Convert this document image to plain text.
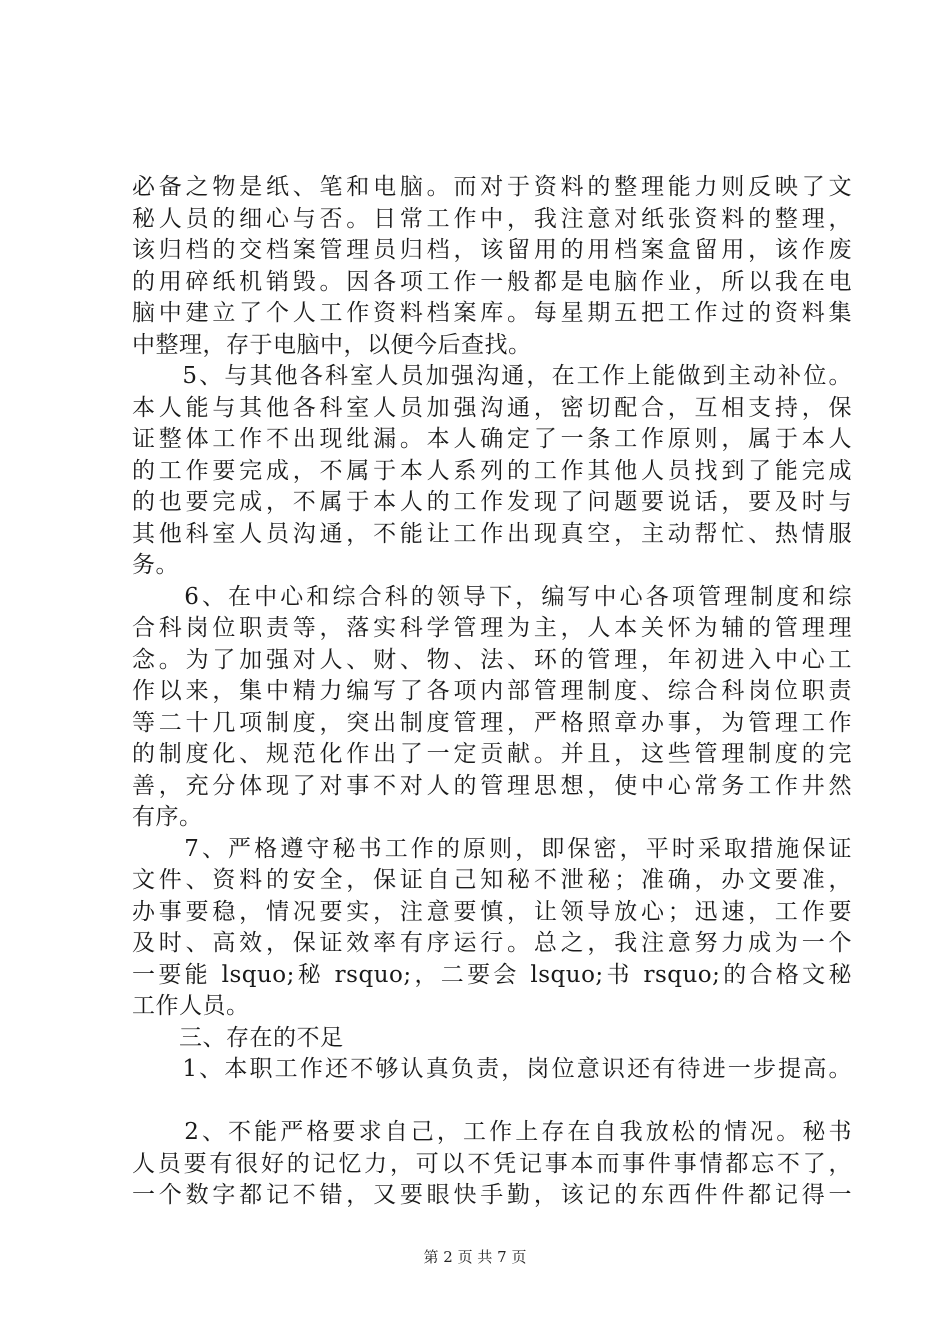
必备之物是纸、笔和电脑。而对于资料的整理能力则反映了文
秘人员的细心与否。日常工作中，我注意对纸张资料的整理，
该归档的交档案管理员归档，该留用的用档案盒留用，该作废
的用碎纸机销毁。因各项工作一般都是电脑作业，所以我在电
脑中建立了个人工作资料档案库。每星期五把工作过的资料集
中整理，存于电脑中，以便今后查找。
　　5、与其他各科室人员加强沟通，在工作上能做到主动补位。
本人能与其他各科室人员加强沟通，密切配合，互相支持，保
证整体工作不出现纰漏。本人确定了一条工作原则，属于本人
的工作要完成，不属于本人系列的工作其他人员找到了能完成
的也要完成，不属于本人的工作发现了问题要说话，要及时与
其他科室人员沟通，不能让工作出现真空，主动帮忙、热情服
务。
　　6、在中心和综合科的领导下，编写中心各项管理制度和综
合科岗位职责等，落实科学管理为主，人本关怀为辅的管理理
念。为了加强对人、财、物、法、环的管理，年初进入中心工
作以来，集中精力编写了各项内部管理制度、综合科岗位职责
等二十几项制度，突出制度管理，严格照章办事，为管理工作
的制度化、规范化作出了一定贡献。并且，这些管理制度的完
善，充分体现了对事不对人的管理思想，使中心常务工作井然
有序。
　　7、严格遵守秘书工作的原则，即保密，平时采取措施保证
文件、资料的安全，保证自己知秘不泄秘；准确，办文要准，
办事要稳，情况要实，注意要慎，让领导放心；迅速，工作要
及时、高效，保证效率有序运行。总之，我注意努力成为一个
一要能 lsquo;秘 rsquo;，二要会 lsquo;书 rsquo;的合格文秘
工作人员。
　　三、存在的不足
　　1、本职工作还不够认真负责，岗位意识还有待进一步提高。
　　2、不能严格要求自己，工作上存在自我放松的情况。秘书
人员要有很好的记忆力，可以不凭记事本而事件事情都忘不了，
一个数字都记不错，又要眼快手勤，该记的东西件件都记得一
第 2 页 共 7 页
